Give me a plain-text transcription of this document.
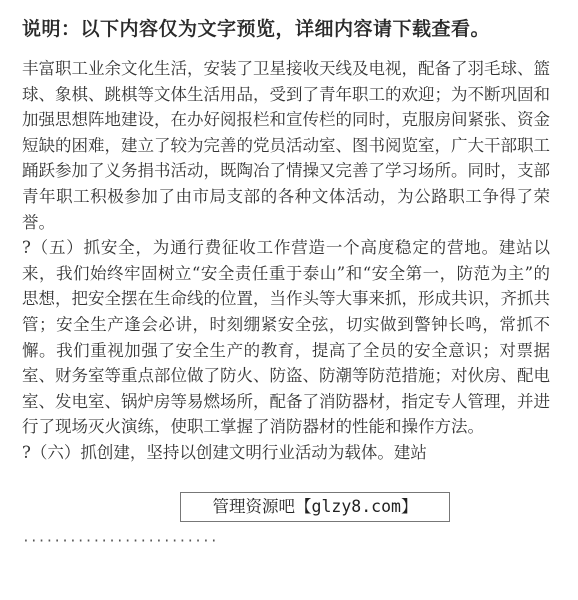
说明：以下内容仅为文字预览，详细内容请下载查看。

丰富职工业余文化生活，安装了卫星接收天线及电视，配备了羽毛球、篮球、象棋、跳棋等文体生活用品，受到了青年职工的欢迎；为不断巩固和加强思想阵地建设，在办好阅报栏和宣传栏的同时，克服房间紧张、资金短缺的困难，建立了较为完善的党员活动室、图书阅览室，广大干部职工踊跃参加了义务捐书活动，既陶冶了情操又完善了学习场所。同时，支部青年职工积极参加了由市局支部的各种文体活动，为公路职工争得了荣誉。

?（五）抓安全，为通行费征收工作营造一个高度稳定的营地。建站以来，我们始终牢固树立“安全责任重于泰山”和“安全第一，防范为主”的思想，把安全摆在生命线的位置，当作头等大事来抓，形成共识，齐抓共管；安全生产逢会必讲，时刻绷紧安全弦，切实做到警钟长鸣，常抓不懈。我们重视加强了安全生产的教育，提高了全员的安全意识；对票据室、财务室等重点部位做了防火、防盗、防潮等防范措施；对伙房、配电室、发电室、锅炉房等易燃场所，配备了消防器材，指定专人管理，并进行了现场灭火演练，使职工掌握了消防器材的性能和操作方法。

?（六）抓创建，坚持以创建文明行业活动为载体。建站

·························
管理资源吧【glzy8.com】
